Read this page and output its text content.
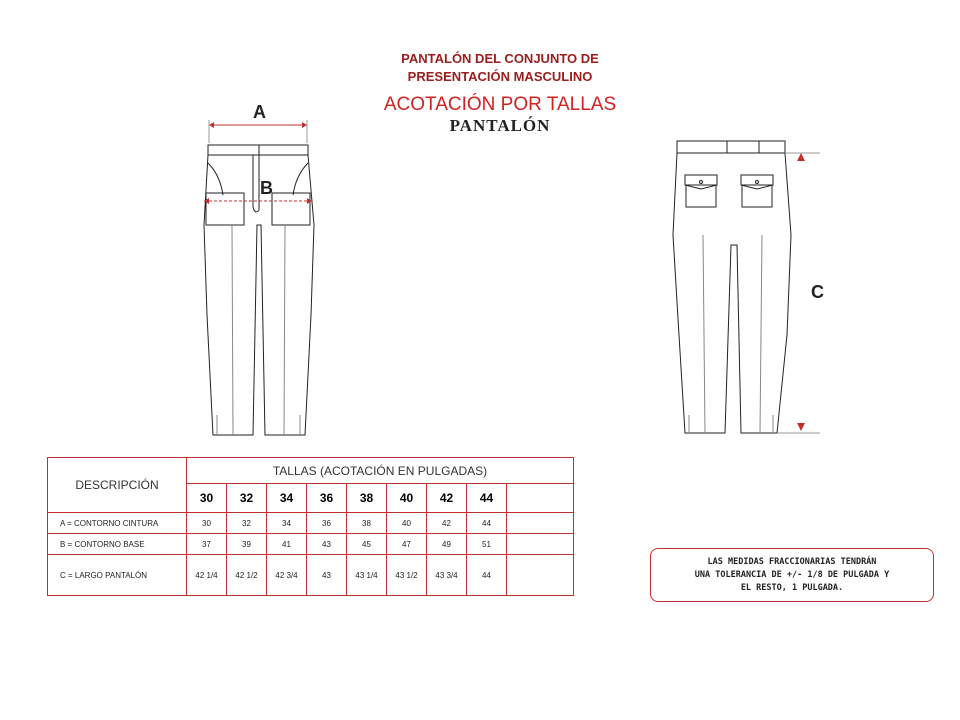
PANTALÓN DEL CONJUNTO DE
PRESENTACIÓN MASCULINO
ACOTACIÓN POR TALLAS
PANTALÓN
A
B
C
DESCRIPCIÓN	TALLAS (ACOTACIÓN EN PULGADAS)								
	30	32	34	36	38	40	42	44	
A = CONTORNO CINTURA	30	32	34	36	38	40	42	44	
B = CONTORNO BASE	37	39	41	43	45	47	49	51	
C = LARGO PANTALÓN	42 1/4	42 1/2	42 3/4	43	43 1/4	43 1/2	43 3/4	44	
LAS MEDIDAS FRACCIONARIAS TENDRÁN
UNA TOLERANCIA DE +/- 1/8 DE PULGADA Y
EL RESTO, 1 PULGADA.
